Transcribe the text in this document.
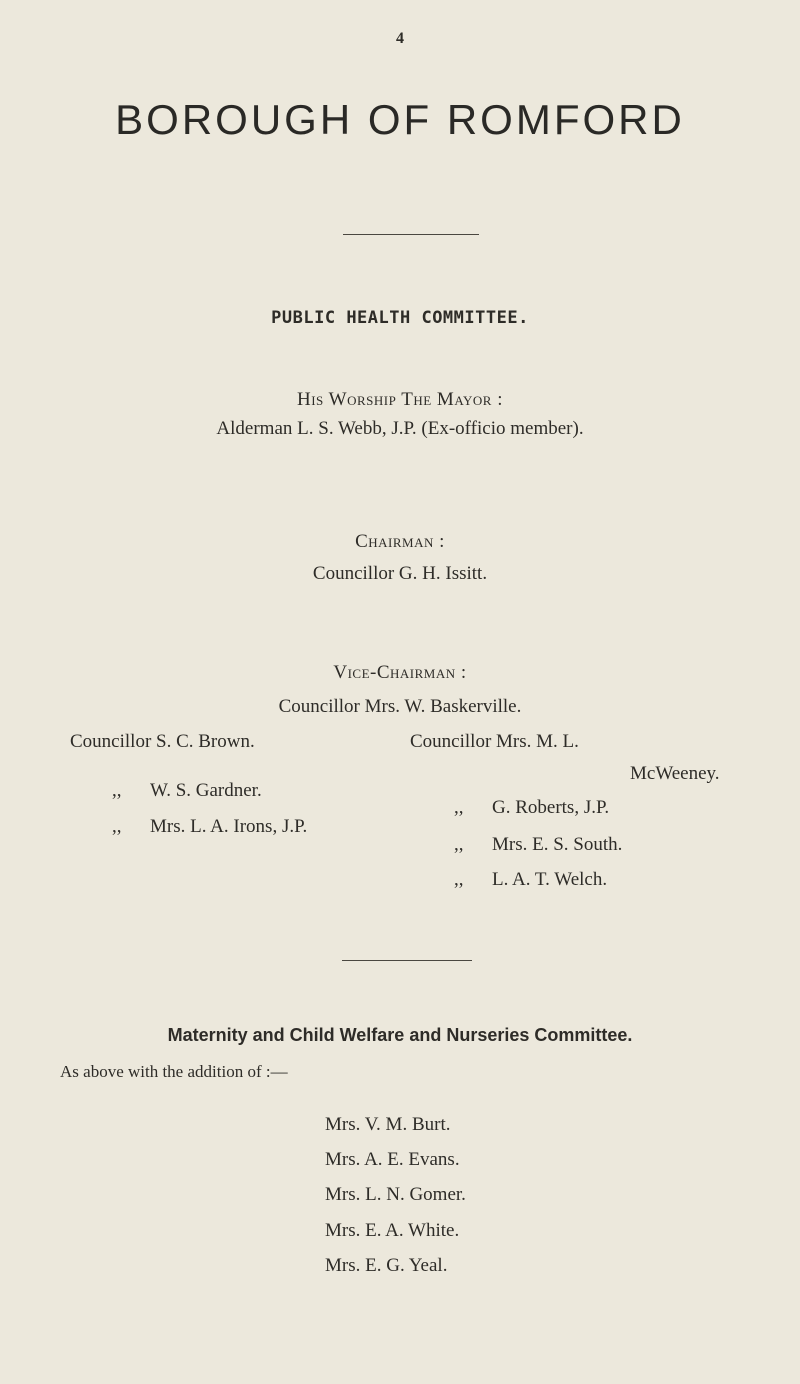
4
BOROUGH OF ROMFORD
PUBLIC HEALTH COMMITTEE.
His Worship The Mayor :
Alderman L. S. Webb, J.P. (Ex-officio member).
Chairman :
Councillor G. H. Issitt.
Vice-Chairman :
Councillor Mrs. W. Baskerville.
Councillor S. C. Brown.
,, W. S. Gardner.
,, Mrs. L. A. Irons, J.P.
Councillor Mrs. M. L.
McWeeney.
,, G. Roberts, J.P.
,, Mrs. E. S. South.
,, L. A. T. Welch.
Maternity and Child Welfare and Nurseries Committee.
As above with the addition of :—
Mrs. V. M. Burt.
Mrs. A. E. Evans.
Mrs. L. N. Gomer.
Mrs. E. A. White.
Mrs. E. G. Yeal.
